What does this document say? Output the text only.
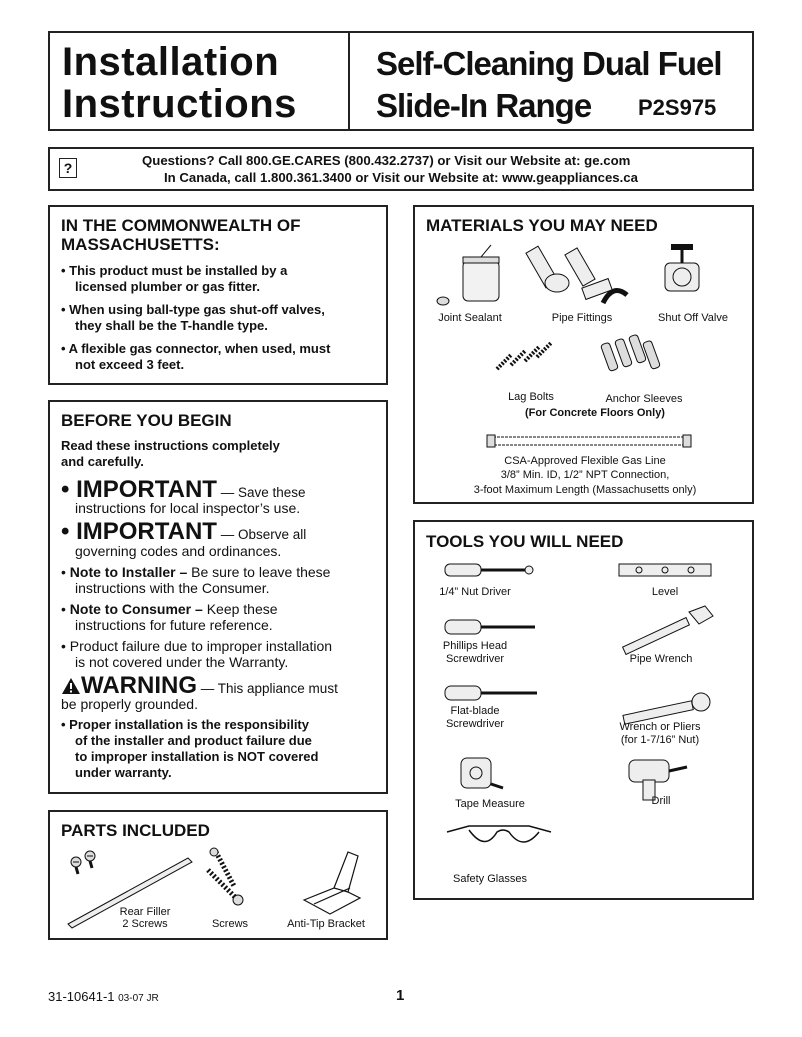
Installation
Instructions
Self-Cleaning Dual Fuel
Slide-In Range P2S975
?	Questions? Call 800.GE.CARES (800.432.2737) or Visit our Website at: ge.com
In Canada, call 1.800.361.3400 or Visit our Website at: www.geappliances.ca
IN THE COMMONWEALTH OF
MASSACHUSETTS:
• This product must be installed by a
licensed plumber or gas fitter.
• When using ball-type gas shut-off valves,
they shall be the T-handle type.
• A flexible gas connector, when used, must
not exceed 3 feet.
BEFORE YOU BEGIN
Read these instructions completely
and carefully.
• IMPORTANT — Save these
instructions for local inspector’s use.
• IMPORTANT — Observe all
governing codes and ordinances.
• Note to Installer – Be sure to leave these
instructions with the Consumer.
• Note to Consumer – Keep these
instructions for future reference.
• Product failure due to improper installation
is not covered under the Warranty.
WARNING — This appliance must
be properly grounded.
• Proper installation is the responsibility
of the installer and product failure due
to improper installation is NOT covered
under warranty.
PARTS INCLUDED
Rear Filler
2 Screws	Screws	Anti-Tip Bracket
MATERIALS YOU MAY NEED
Joint Sealant	Pipe Fittings	Shut Off Valve
Lag Bolts	Anchor Sleeves
(For Concrete Floors Only)
CSA-Approved Flexible Gas Line
3/8” Min. ID, 1/2” NPT Connection,
3-foot Maximum Length (Massachusetts only)
TOOLS YOU WILL NEED
1/4” Nut Driver	Level
Phillips Head
Screwdriver	Pipe Wrench
Flat-blade
Screwdriver	Wrench or Pliers
(for 1-7/16” Nut)
Tape Measure	Drill
Safety Glasses
31-10641-1 03-07 JR	1
